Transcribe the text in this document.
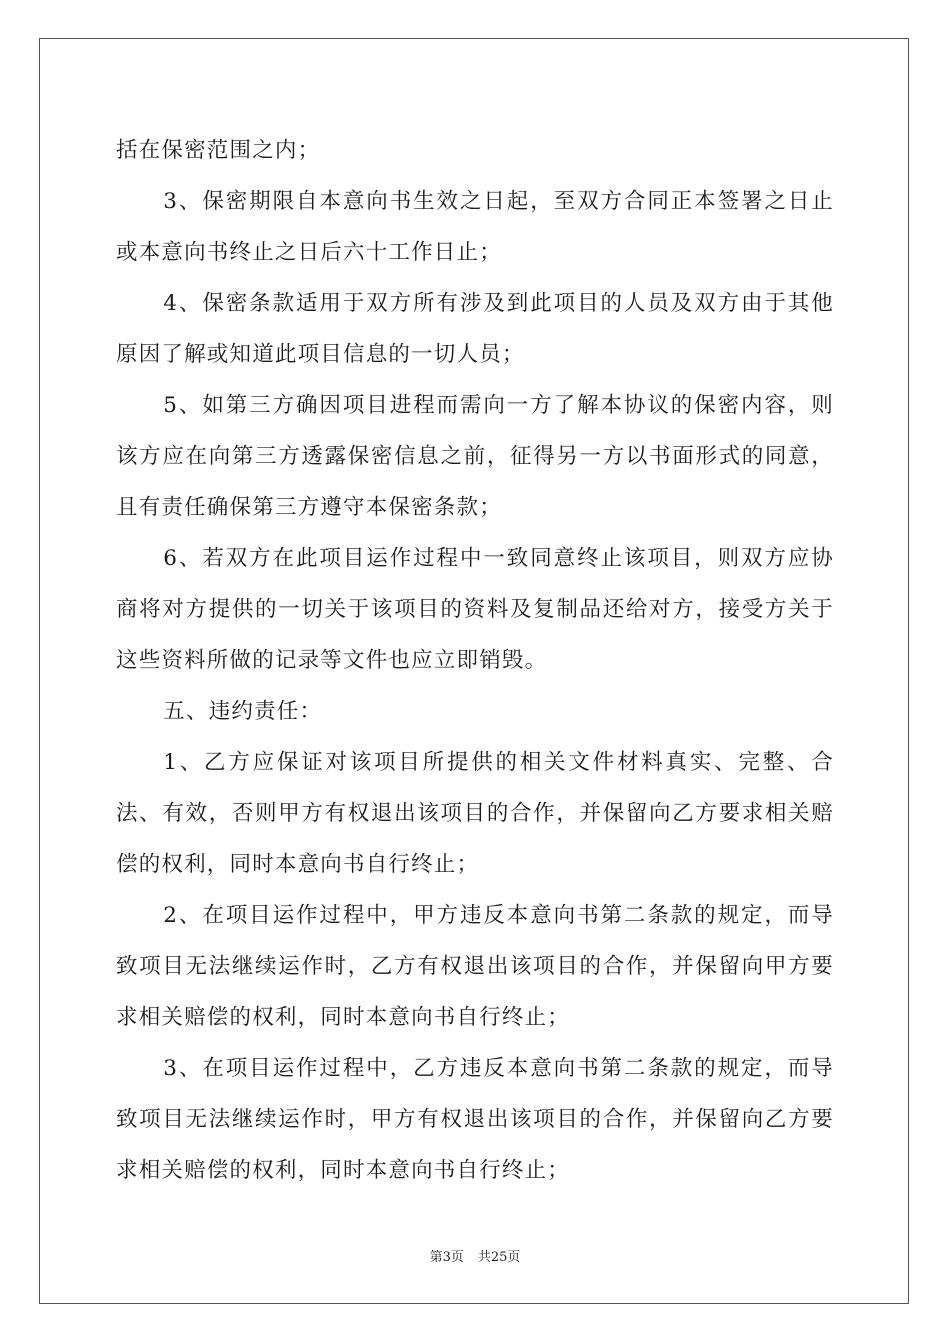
括在保密范围之内；

3、保密期限自本意向书生效之日起，至双方合同正本签署之日止或本意向书终止之日后六十工作日止；

4、保密条款适用于双方所有涉及到此项目的人员及双方由于其他原因了解或知道此项目信息的一切人员；

5、如第三方确因项目进程而需向一方了解本协议的保密内容，则该方应在向第三方透露保密信息之前，征得另一方以书面形式的同意，且有责任确保第三方遵守本保密条款；

6、若双方在此项目运作过程中一致同意终止该项目，则双方应协商将对方提供的一切关于该项目的资料及复制品还给对方，接受方关于这些资料所做的记录等文件也应立即销毁。

五、违约责任：

1、乙方应保证对该项目所提供的相关文件材料真实、完整、合法、有效，否则甲方有权退出该项目的合作，并保留向乙方要求相关赔偿的权利，同时本意向书自行终止；

2、在项目运作过程中，甲方违反本意向书第二条款的规定，而导致项目无法继续运作时，乙方有权退出该项目的合作，并保留向甲方要求相关赔偿的权利，同时本意向书自行终止；

3、在项目运作过程中，乙方违反本意向书第二条款的规定，而导致项目无法继续运作时，甲方有权退出该项目的合作，并保留向乙方要求相关赔偿的权利，同时本意向书自行终止；

第3页 共25页
